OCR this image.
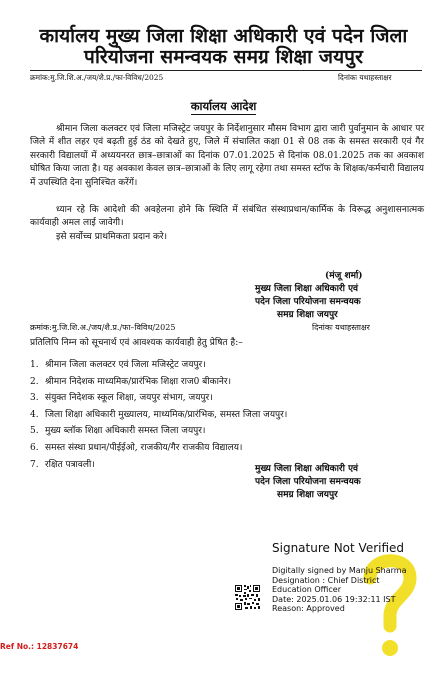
कार्यालय मुख्य जिला शिक्षा अधिकारी एवं पदेन जिला
परियोजना समन्वयक समग्र शिक्षा जयपुर
क्रमांक:मु.जि.शि.अ./जय/शै.प्र./फा-विविध/2025	दिनांकः यथाहस्ताक्षर
कार्यालय आदेश
श्रीमान जिला कलक्टर एवं जिला मजिस्ट्रेट जयपुर के निर्देशानुसार मौसम विभाग द्वारा जारी पुर्वानुमान के आधार पर जिले में शीत लहर एवं बढ़ती हुई ठंड को देखते हुए, जिले में संचालित कक्षा 01 से 08 तक के समस्त सरकारी एवं गैर सरकारी विद्यालयों में अध्ययनरत छात्र–छात्राओं का दिनांक 07.01.2025 से दिनांक 08.01.2025 तक का अवकाश घोषित किया जाता है। यह अवकाश केवल छात्र–छात्राओं के लिए लागू रहेगा तथा समस्त स्टॉफ के शिक्षक/कर्मचारी विद्यालय में उपस्थिति देना सुनिश्चित करेंगें।
ध्यान रहे कि आदेशो की अवहेलना होने कि स्थिति में संबंधित संस्थाप्रधान/कार्मिक के विरूद्ध अनुशासनात्मक कार्यवाही अमल लाई जावेगी।
इसे सर्वोच्च प्राथमिकता प्रदान करे।
(मंजू शर्मा)
मुख्य जिला शिक्षा अधिकारी एवं
पदेन जिला परियोजना समन्वयक
समग्र शिक्षा जयपुर
क्रमांक:मु.जि.शि.अ./जय/शै.प्र./फा–विविध/2025	दिनांकः यथाहस्ताक्षर
प्रतिलिपि निम्न को सूचनार्थ एवं आवश्यक कार्यवाही हेतु प्रेषित है:–
1. श्रीमान जिला कलक्टर एवं जिला मजिस्ट्रेट जयपुर।
2. श्रीमान निदेशक माध्यमिक/प्रारंभिक शिक्षा राज0 बीकानेर।
3. संयुक्त निदेशक स्कूल शिक्षा, जयपुर संभाग, जयपुर।
4. जिला शिक्षा अधिकारी मुख्यालय, माध्यमिक/प्रारंभिक, समस्त जिला जयपुर।
5. मुख्य ब्लॉक शिक्षा अधिकारी समस्त जिला जयपुर।
6. समस्त संस्था प्रधान/पीईईओ, राजकीय/गैर राजकीय विद्यालय।
7. रक्षित पत्रावली।	मुख्य जिला शिक्षा अधिकारी एवं
पदेन जिला परियोजना समन्वयक
समग्र शिक्षा जयपुर
Signature Not Verified
Digitally signed by Manju Sharma
Designation : Chief District
Education Officer
Date: 2025.01.06 19:32:11 IST
Reason: Approved
Ref No.: 12837674
